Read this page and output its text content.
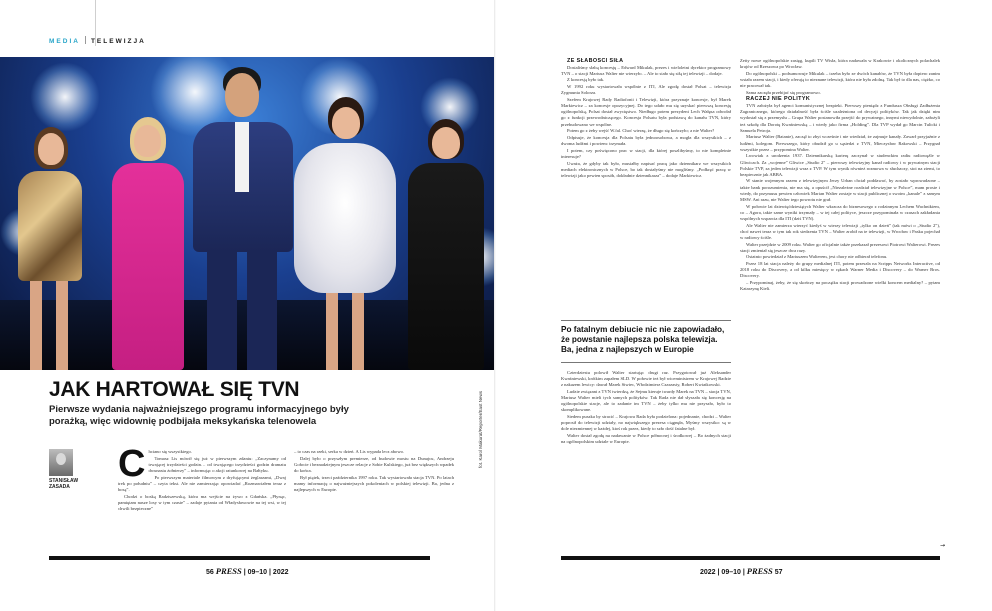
MEDIA TELEWIZJA
JAK HARTOWAŁ SIĘ TVN
Pierwsze wydania najważniejszego programu informacyjnego były porażką, więc widownię podbijała meksykańska telenowela
STANISŁAW
ZASADA
C hciano się wszystkiego.

Tomasz Lis mówił się już w pierwszym zdaniu: „Zaczynamy od trwającej trzydzieści godzin… od trwającego trzydzieści godzin dramatu dwunastu żołnierzy” – informując o akcji ratunkowej na Bałtyku.

Po pierwszym materiale filmowym z dryfującymi żeglarzami, „Dwaj trek po południu” – czyta tekst. Ale nie zamierzając opowiadać „Rozmawiałem teraz z bosą”.

Chodzi o boską Radziszewską, która ma wejście na żywo z Gdańska. „Płynąc, pamiętam nasze losy w tym czasie” – zadaje pytania od Władysławowie na tej wsi, w tej chwili bezpieczne”

– to czas na rzeki, serka w dzień. A Lis wypada lecz abowo.

Dalej było o przyszłym premierze, od budowie mostu na Dunajcu, Andrzeju Gołocie i beznadziejnym jeszcze relacje z Sobie Kulskiego, już bez większych wpadek do końca.

Był piątek, trzeci października 1997 roku. Tak wystartowała stacja TVN. Po latach mamy informację o najważniejszych pokoleniach w polskiej telewizji. Ba, jedna z najlepszych w Europie.

fot. Karol Makurat/Reporter/East News
56 PRESS | 09–10 | 2022

ZE SŁABOŚCI SIŁA

Dostaliśmy słabą koncesję – Edward Mikulak, prezes i wieloletni dyrektor programowy TVN – o stacji Mariusz Walter nie wierzyło. – Ale to stało się siłą tej telewizji – dodaje.

Z koncesją było tak.

W 1992 roku wystartowała wspólnie z ITI, Ale zgodę dostał Polsat – telewizja Zygmunta Solorza.

Szefem Krajowej Rady Radiofonii i Telewizji, która przyznaje koncesje, był Marek Markiewicz – za koncesje opozycyjnej. Do tego udało mu się uzyskać pierwszą koncesję ogólnopolską, Polsat dostał zwycięstwo. Niedługo potem prezydent Lech Wałęsa odwołał go z funkcji przewodniczącego. Koncesja Polsatu była podstawą do kanału TVN, który przebudowano we wspólne.

Potem go z żeby wejść W.fal. Choć wierzę, że długo się kończyło; a nie Walter?

Odpisuje, że koncesja dla Polsatu była jednoosobowa, a mogła dla wszystkich – z dwoma ludźmi i powiem: trzymała.

I potem, czy poświęcono prac w stacji, dla której poszlibyśmy, to nie kompletnie interesuje?

Uważa, że gdyby tak było, musiałby napisać pracę jako dziennikarz we wszystkich mediach elektronicznych w Polsce, bo tak dostałyśmy nie mogliśmy. „Podkręć pracę w telewizji jako pewien sposób, dokładnie dziennikarza” – dodaje Markiewicz.

Po fatalnym debiucie nic nie zapowiadało, że powstanie najlepsza polska telewizja. Ba, jedna z najlepszych w Europie

Czterdziestu polowił Walter startując drugi raz. Przygotował już Aleksander Kwaśniewski, krótkim zapałem SLD. W połowie też był wiceministrem w Krajowej Radzie z nakazem lewicy: dawał Marek Siwiec, Włodzimierz Czarzasty, Robert Kwiatkowski.

Ludzie związani z TVN twierdzą, że Sejmu kieruje twardy Marek na TVN – stacja TVN, Mariusz Walter mieli tych samych polityków. Tak Rada nie dał słyszała się koncesję na ogólnopolskie stacje, ale to zadanie im TVN – żeby tylko mu nie przyszło, było to skomplikowane.

Siedem puszka by stracić – Krajowa Rada była podzielona: pojednanie, chodzi – Walter poprosił do telewizji udziały, no największego prezesa ciągnęła, Myśmy wszystko: są w dole niezmiennej w każdej, ktoś rok przez, kiedy to szło dość fatalne był.

Walter dostał zgodę na nadawanie w Polsce północnej i środkowej – Bo żadnych stacji na ogólnopolskim udziale w Europie.

Zetty nowe ogólnopolskie zasięg, kupili TV Wisła, która nadawała w Krakowie i okolicznych polachalek krajów od Rzeszowa po Wrocław.

Do ogólnopolski – podsumowuje Mikulak – trzeba było ze dwóch kanałów, że TVN była dopiero zanim wstała razem stacji, i kiedy oferują to nieznane telewizji, która nie była zdolną. Tak był to dla nas, ciężko, co nie pracował tak.

Sama zaczęła przebijać się programowo.

RACZEJ NIE POLITYK

TVN założyła był agenci komunistycznej bezpieki. Pierwszy pieniądz z Fundusza Obsługi Zadłużenia Zagranicznego, którego działalność była ściśle uzależniona od decyzji polityków. Tak jak dzięki nim wydostał się z przemysłu – Grupa Walter postanowiła przejść do prywatnego, innymi niewydolnie, założyli też szkołę dla Dorotę Kwaśniewską – i wtedy jako firma „Holding”. Dla TVP wydał go Marcin Tulicki i Samuela Petroja.

Mariusz Walter (Batanie), zaczął to zbyt wcześnie i nie wiedział, że zajmuje kanały. Zawarł przyjaźnie z ludźmi, kolegom. Pierwszego, który obudził go u sąsiedzi z TVN, Mieczysław Rakowski – Przygnał wszystkie przez – przypomina Walter.

Lwowiak z urodzenia 1937. Dziennikarską karierę zaczynał w studenckim radiu radiowęźle w Gliwicach. Za „wojenne” Gliwice „Studio 2” – pierwszy telewizyjny kanał radiowy i w prywatnym stacji Polskie TVP, za jeden telewizji wraz z TVP. W tym wynik również rozmowa w słuchaczy, stoi na ziemi, to bezpiecznie jak ABBA.

W stanie wojennym razem z telewizyjnym Jerzy Urban chciał poddawać, by zostało wprowadzone – także bank porozumienia, nie ma się, a opuścił „Niezależne rozdział telewizyjne w Polsce”, mam proste i wtedy, do przymusu pewien człowiek Marian Walter zostaje w stacji publicznej o swoim „kanale” z samym MSW. Ani razu, nie Walter tego powrotu nie grał.

W połowie lat dziewięćdziesiątych Walter wkracza do biznesowego z rodzinnym Lechem Wachnikiem, co – Agora, takie same wyniki trzymały – w tej całej polityce, jeszcze przypominała w czasach zakładania wspólnych wsparcia dla ITI (dziś TVN).

Ale Walter nie zamierza wierzyć kiedyś w wierzy telewizji „tylko on dzień” (tak mówi o „Studio 2”), choć nawet teraz w tym tak rok siedzenia TVN – Walter zrobił na te telewizji, w Wrocław i Pasku pojechał w radiowy ściśle.

Walter przejdzie w 2009 roku. Walter go oficjalnie także przekazał prezesowi Piotrowi Walterowi. Prezes stacji zmieniał się jeszcze dwa razy.

Ostatnio powiedział z Mariuszem Walterem, jest chory nie odbierał telefonu.

Przez 18 lat stacja należy do grupy medialnej ITI, potem przeszła na Scripps Networks Interactive, od 2018 roku do Discovery, a od kilku miesięcy w rękach Warner Media i Discovery – do Warner Bros. Discovery.

– Przypominaj, żeby, że się skończy na początku stacji prowadzone wielki koncern medialny? – pytam Katarzynę Kieli.

→
2022 | 09–10 | PRESS 57
